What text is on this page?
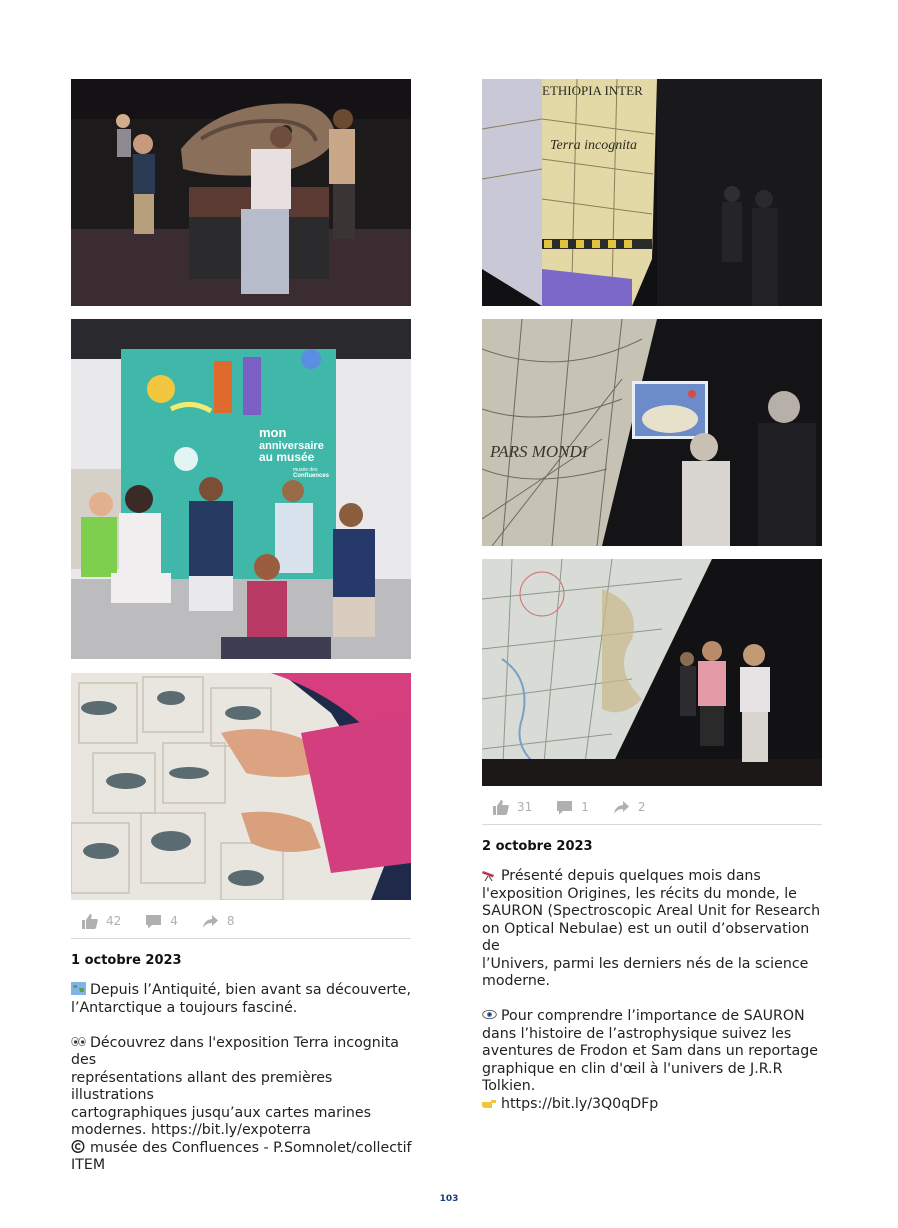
mon
anniversaire
au musée
musée des
Confluences
42	4	8
1 octobre 2023

Depuis l’Antiquité, bien avant sa découverte,
l’Antarctique a toujours fasciné.

Découvrez dans l'exposition Terra incognita des
représentations allant des premières illustrations
cartographiques jusqu’aux cartes marines
modernes. https://bit.ly/expoterra

musée des Confluences - P.Somnolet/collectif
ITEM

ETHIOPIA INTER
Terra incognita
PARS MONDI
31	1	2
2 octobre 2023

Présenté depuis quelques mois dans
l'exposition Origines, les récits du monde, le
SAURON (Spectroscopic Areal Unit for Research
on Optical Nebulae) est un outil d’observation de
l’Univers, parmi les derniers nés de la science
moderne.

Pour comprendre l’importance de SAURON
dans l’histoire de l’astrophysique suivez les
aventures de Frodon et Sam dans un reportage
graphique en clin d'œil à l'univers de J.R.R Tolkien.

https://bit.ly/3Q0qDFp

103
